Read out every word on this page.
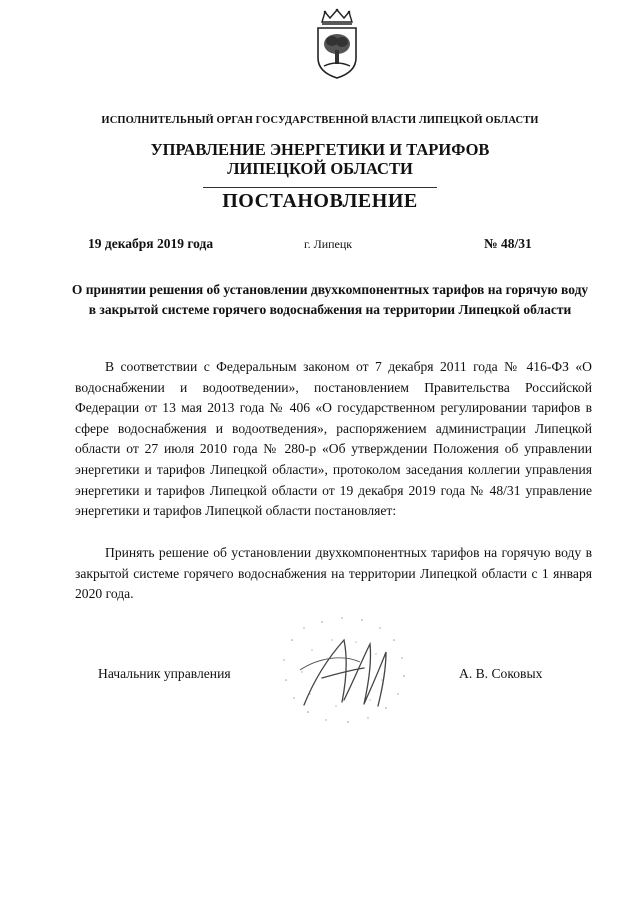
ИСПОЛНИТЕЛЬНЫЙ ОРГАН ГОСУДАРСТВЕННОЙ ВЛАСТИ ЛИПЕЦКОЙ ОБЛАСТИ
УПРАВЛЕНИЕ ЭНЕРГЕТИКИ И ТАРИФОВ
ЛИПЕЦКОЙ ОБЛАСТИ
ПОСТАНОВЛЕНИЕ
19 декабря 2019 года	г. Липецк	№ 48/31
О принятии решения об установлении двухкомпонентных тарифов на горячую воду в закрытой системе горячего водоснабжения на территории Липецкой области

В соответствии с Федеральным законом от 7 декабря 2011 года № 416-ФЗ «О водоснабжении и водоотведении», постановлением Правительства Российской Федерации от 13 мая 2013 года № 406 «О государственном регулировании тарифов в сфере водоснабжения и водоотведения», распоряжением администрации Липецкой области от 27 июля 2010 года № 280-р «Об утверждении Положения об управлении энергетики и тарифов Липецкой области», протоколом заседания коллегии управления энергетики и тарифов Липецкой области от 19 декабря 2019 года № 48/31 управление энергетики и тарифов Липецкой области постановляет:

Принять решение об установлении двухкомпонентных тарифов на горячую воду в закрытой системе горячего водоснабжения на территории Липецкой области с 1 января 2020 года.

Начальник управления	А. В. Соковых
